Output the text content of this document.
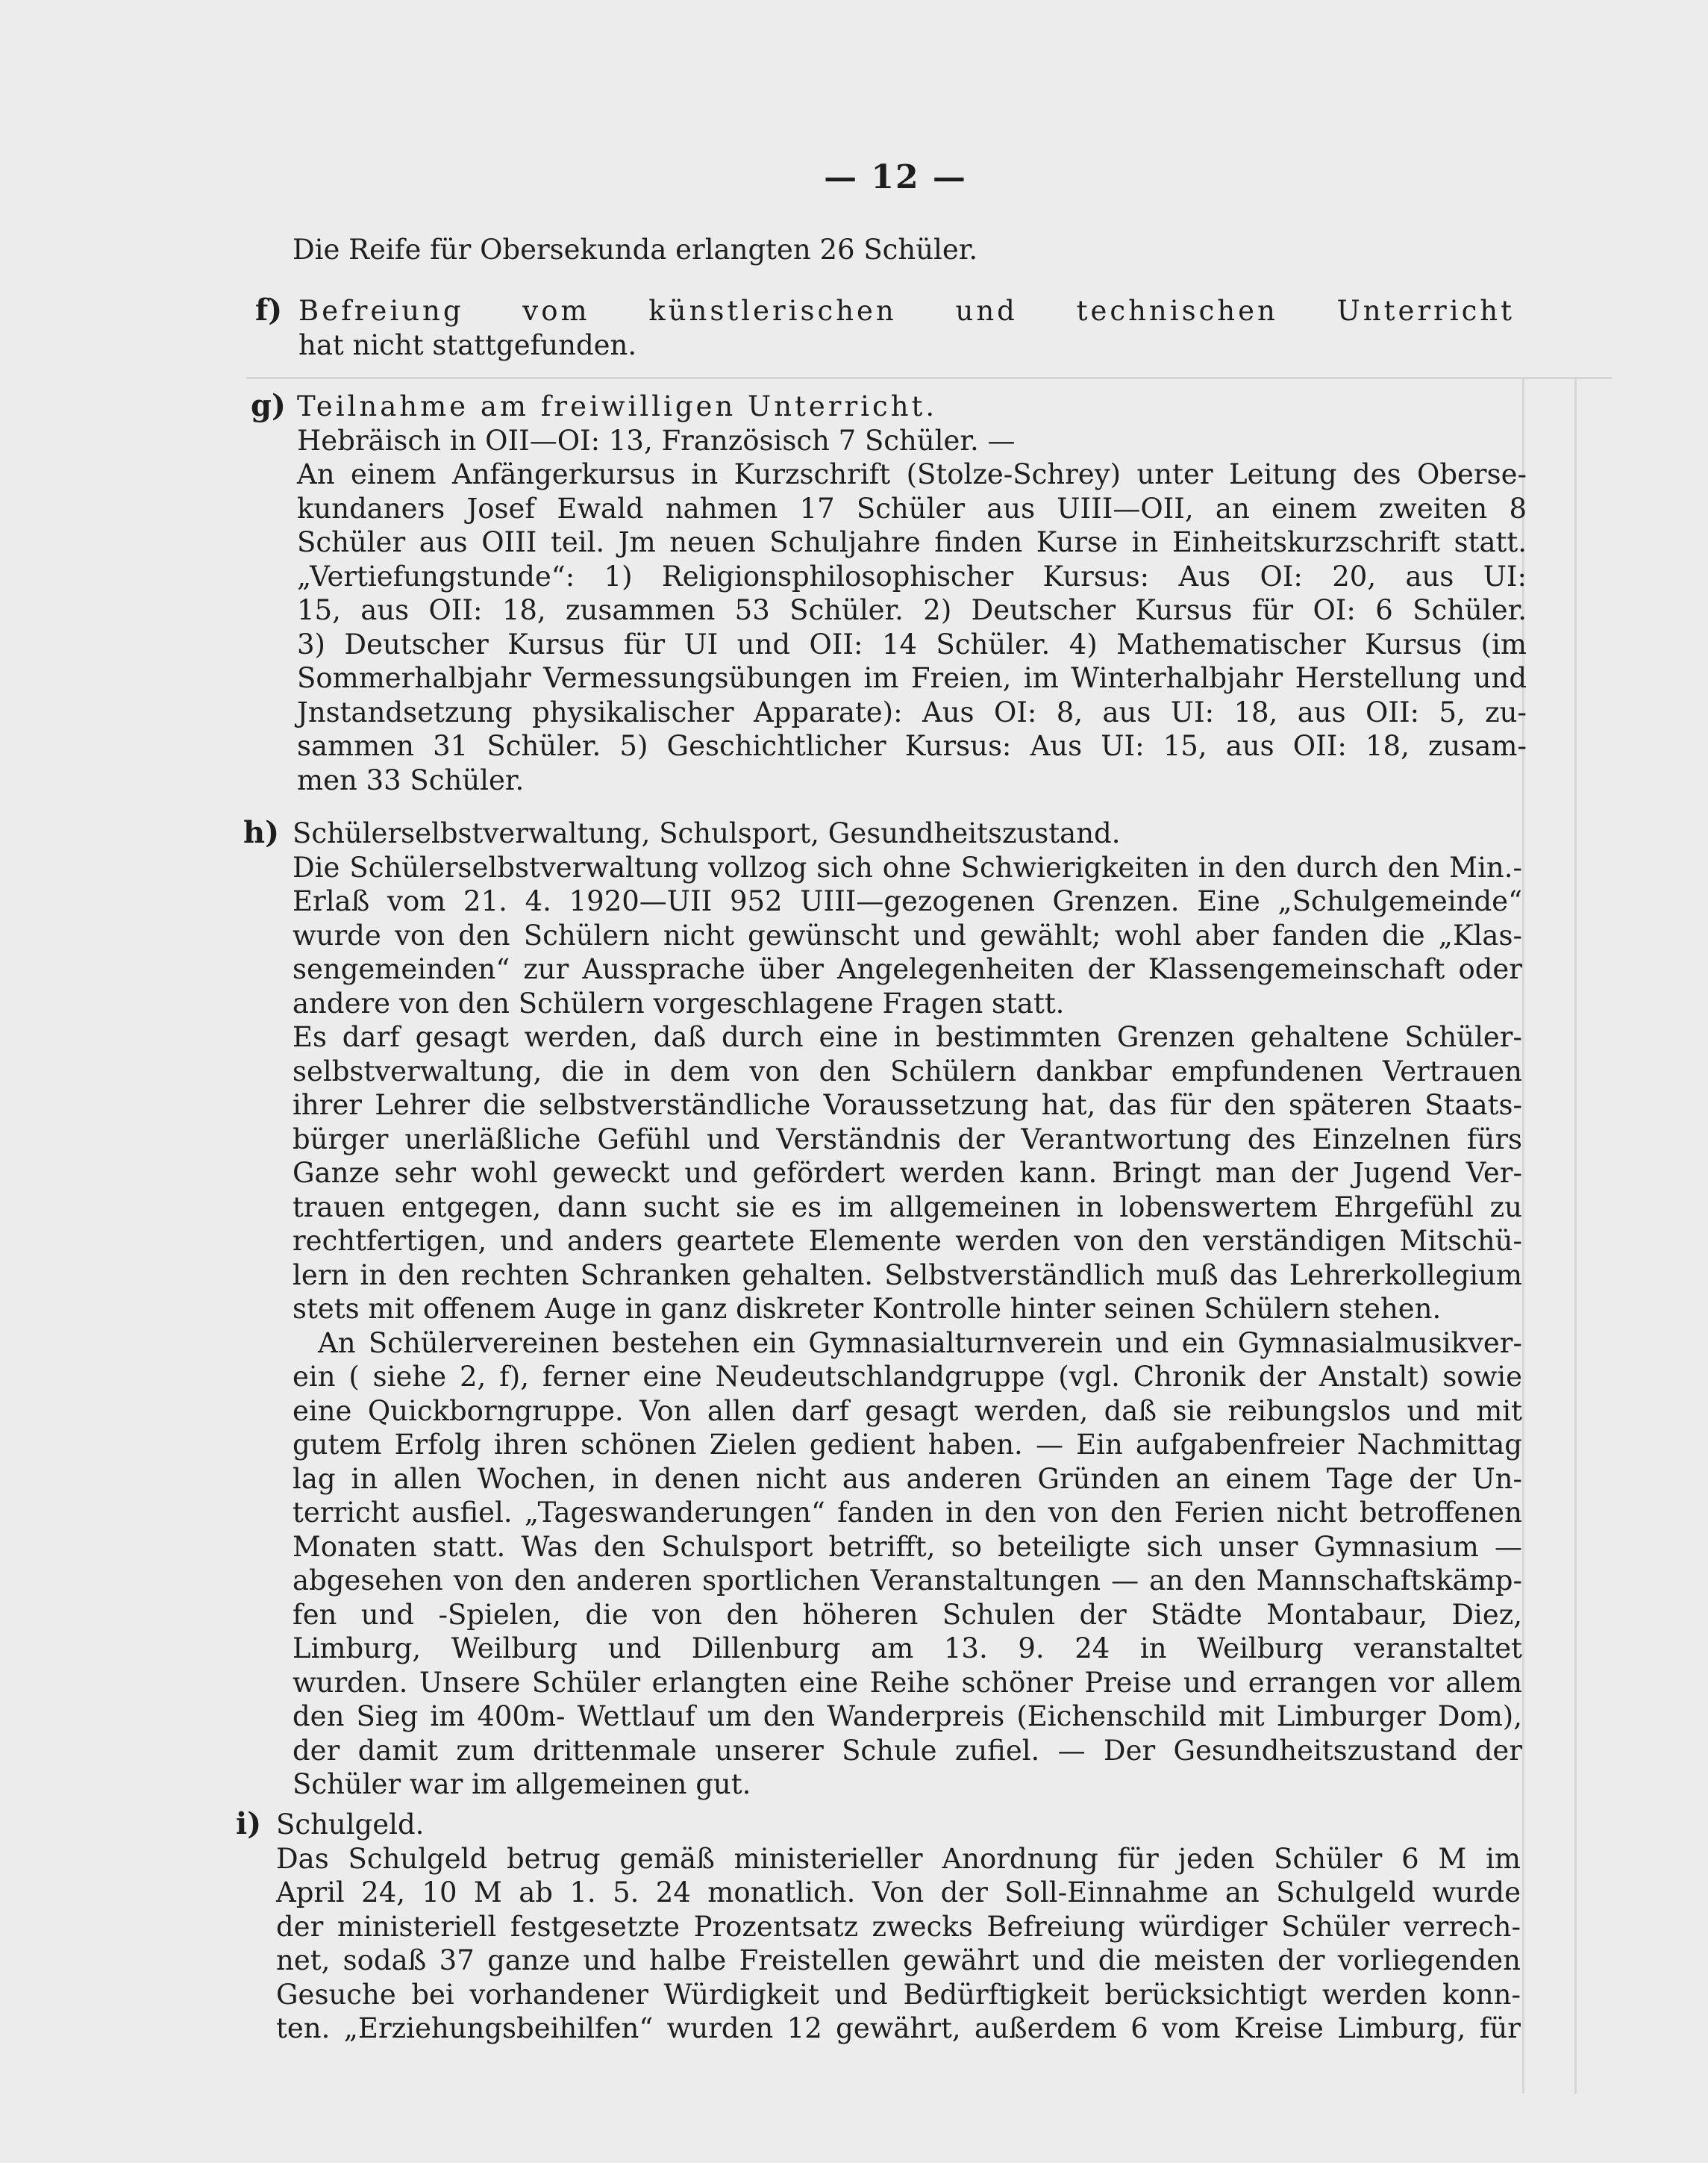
— 12 —
Die Reife für Obersekunda erlangten 26 Schüler.
f) Befreiung vom künstlerischen und technischen Unterricht
hat nicht stattgefunden.
g) Teilnahme am freiwilligen Unterricht.
Hebräisch in OII—OI: 13, Französisch 7 Schüler. —
An einem Anfängerkursus in Kurzschrift (Stolze-Schrey) unter Leitung des Oberse-
kundaners Josef Ewald nahmen 17 Schüler aus UIII—OII, an einem zweiten 8
Schüler aus OIII teil. Jm neuen Schuljahre finden Kurse in Einheitskurzschrift statt.
„Vertiefungstunde“: 1) Religionsphilosophischer Kursus: Aus OI: 20, aus UI:
15, aus OII: 18, zusammen 53 Schüler. 2) Deutscher Kursus für OI: 6 Schüler.
3) Deutscher Kursus für UI und OII: 14 Schüler. 4) Mathematischer Kursus (im
Sommerhalbjahr Vermessungsübungen im Freien, im Winterhalbjahr Herstellung und
Jnstandsetzung physikalischer Apparate): Aus OI: 8, aus UI: 18, aus OII: 5, zu-
sammen 31 Schüler. 5) Geschichtlicher Kursus: Aus UI: 15, aus OII: 18, zusam-
men 33 Schüler.
h) Schülerselbstverwaltung, Schulsport, Gesundheitszustand.
Die Schülerselbstverwaltung vollzog sich ohne Schwierigkeiten in den durch den Min.-
Erlaß vom 21. 4. 1920—UII 952 UIII—gezogenen Grenzen. Eine „Schulgemeinde“
wurde von den Schülern nicht gewünscht und gewählt; wohl aber fanden die „Klas-
sengemeinden“ zur Aussprache über Angelegenheiten der Klassengemeinschaft oder
andere von den Schülern vorgeschlagene Fragen statt.
Es darf gesagt werden, daß durch eine in bestimmten Grenzen gehaltene Schüler-
selbstverwaltung, die in dem von den Schülern dankbar empfundenen Vertrauen
ihrer Lehrer die selbstverständliche Voraussetzung hat, das für den späteren Staats-
bürger unerläßliche Gefühl und Verständnis der Verantwortung des Einzelnen fürs
Ganze sehr wohl geweckt und gefördert werden kann. Bringt man der Jugend Ver-
trauen entgegen, dann sucht sie es im allgemeinen in lobenswertem Ehrgefühl zu
rechtfertigen, und anders geartete Elemente werden von den verständigen Mitschü-
lern in den rechten Schranken gehalten. Selbstverständlich muß das Lehrerkollegium
stets mit offenem Auge in ganz diskreter Kontrolle hinter seinen Schülern stehen.
An Schülervereinen bestehen ein Gymnasialturnverein und ein Gymnasialmusikver-
ein ( siehe 2, f), ferner eine Neudeutschlandgruppe (vgl. Chronik der Anstalt) sowie
eine Quickborngruppe. Von allen darf gesagt werden, daß sie reibungslos und mit
gutem Erfolg ihren schönen Zielen gedient haben. — Ein aufgabenfreier Nachmittag
lag in allen Wochen, in denen nicht aus anderen Gründen an einem Tage der Un-
terricht ausfiel. „Tageswanderungen“ fanden in den von den Ferien nicht betroffenen
Monaten statt. Was den Schulsport betrifft, so beteiligte sich unser Gymnasium —
abgesehen von den anderen sportlichen Veranstaltungen — an den Mannschaftskämp-
fen und -Spielen, die von den höheren Schulen der Städte Montabaur, Diez,
Limburg, Weilburg und Dillenburg am 13. 9. 24 in Weilburg veranstaltet
wurden. Unsere Schüler erlangten eine Reihe schöner Preise und errangen vor allem
den Sieg im 400m- Wettlauf um den Wanderpreis (Eichenschild mit Limburger Dom),
der damit zum drittenmale unserer Schule zufiel. — Der Gesundheitszustand der
Schüler war im allgemeinen gut.
i) Schulgeld.
Das Schulgeld betrug gemäß ministerieller Anordnung für jeden Schüler 6 M im
April 24, 10 M ab 1. 5. 24 monatlich. Von der Soll-Einnahme an Schulgeld wurde
der ministeriell festgesetzte Prozentsatz zwecks Befreiung würdiger Schüler verrech-
net, sodaß 37 ganze und halbe Freistellen gewährt und die meisten der vorliegenden
Gesuche bei vorhandener Würdigkeit und Bedürftigkeit berücksichtigt werden konn-
ten. „Erziehungsbeihilfen“ wurden 12 gewährt, außerdem 6 vom Kreise Limburg, für
